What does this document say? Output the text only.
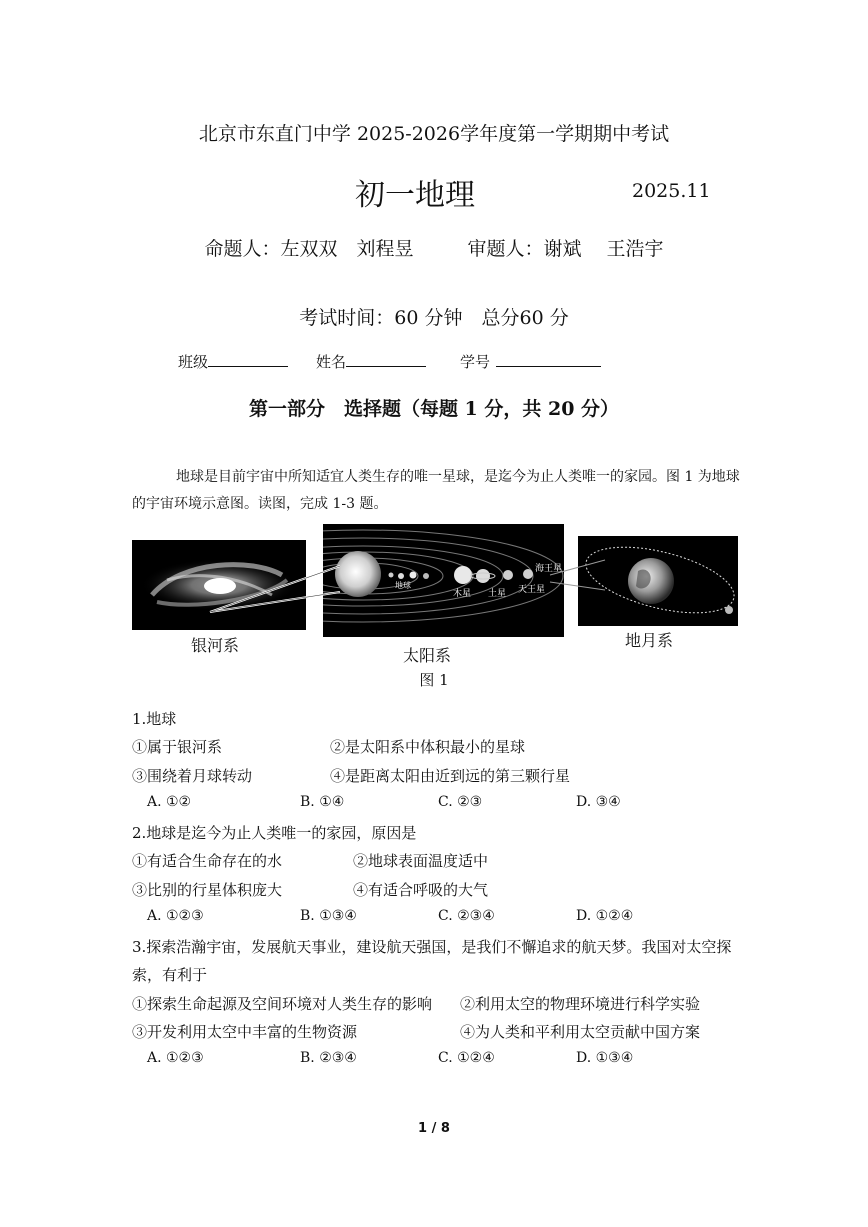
北京市东直门中学 2025-2026学年度第一学期期中考试
初一地理	2025.11
命题人：左双双　刘程昱	审题人：谢斌　 王浩宇
考试时间：60 分钟　总分60 分
班级	姓名	学号
第一部分　选择题（每题 1 分，共 20 分）
地球是目前宇宙中所知适宜人类生存的唯一星球，是迄今为止人类唯一的家园。图 1 为地球的宇宙环境示意图。读图，完成 1-3 题。
海王星
木星 土星 天王星
地球
银河系
太阳系
地月系
图 1
1.地球
①属于银河系	②是太阳系中体积最小的星球
③围绕着月球转动	④是距离太阳由近到远的第三颗行星
A. ①②	B. ①④	C. ②③	D. ③④
2.地球是迄今为止人类唯一的家园，原因是
①有适合生命存在的水	②地球表面温度适中
③比别的行星体积庞大	④有适合呼吸的大气
A. ①②③	B. ①③④	C. ②③④	D. ①②④
3.探索浩瀚宇宙，发展航天事业，建设航天强国，是我们不懈追求的航天梦。我国对太空探
索，有利于
①探索生命起源及空间环境对人类生存的影响 ②利用太空的物理环境进行科学实验
③开发利用太空中丰富的生物资源	④为人类和平利用太空贡献中国方案
A. ①②③	B. ②③④	C. ①②④	D. ①③④
1 / 8
